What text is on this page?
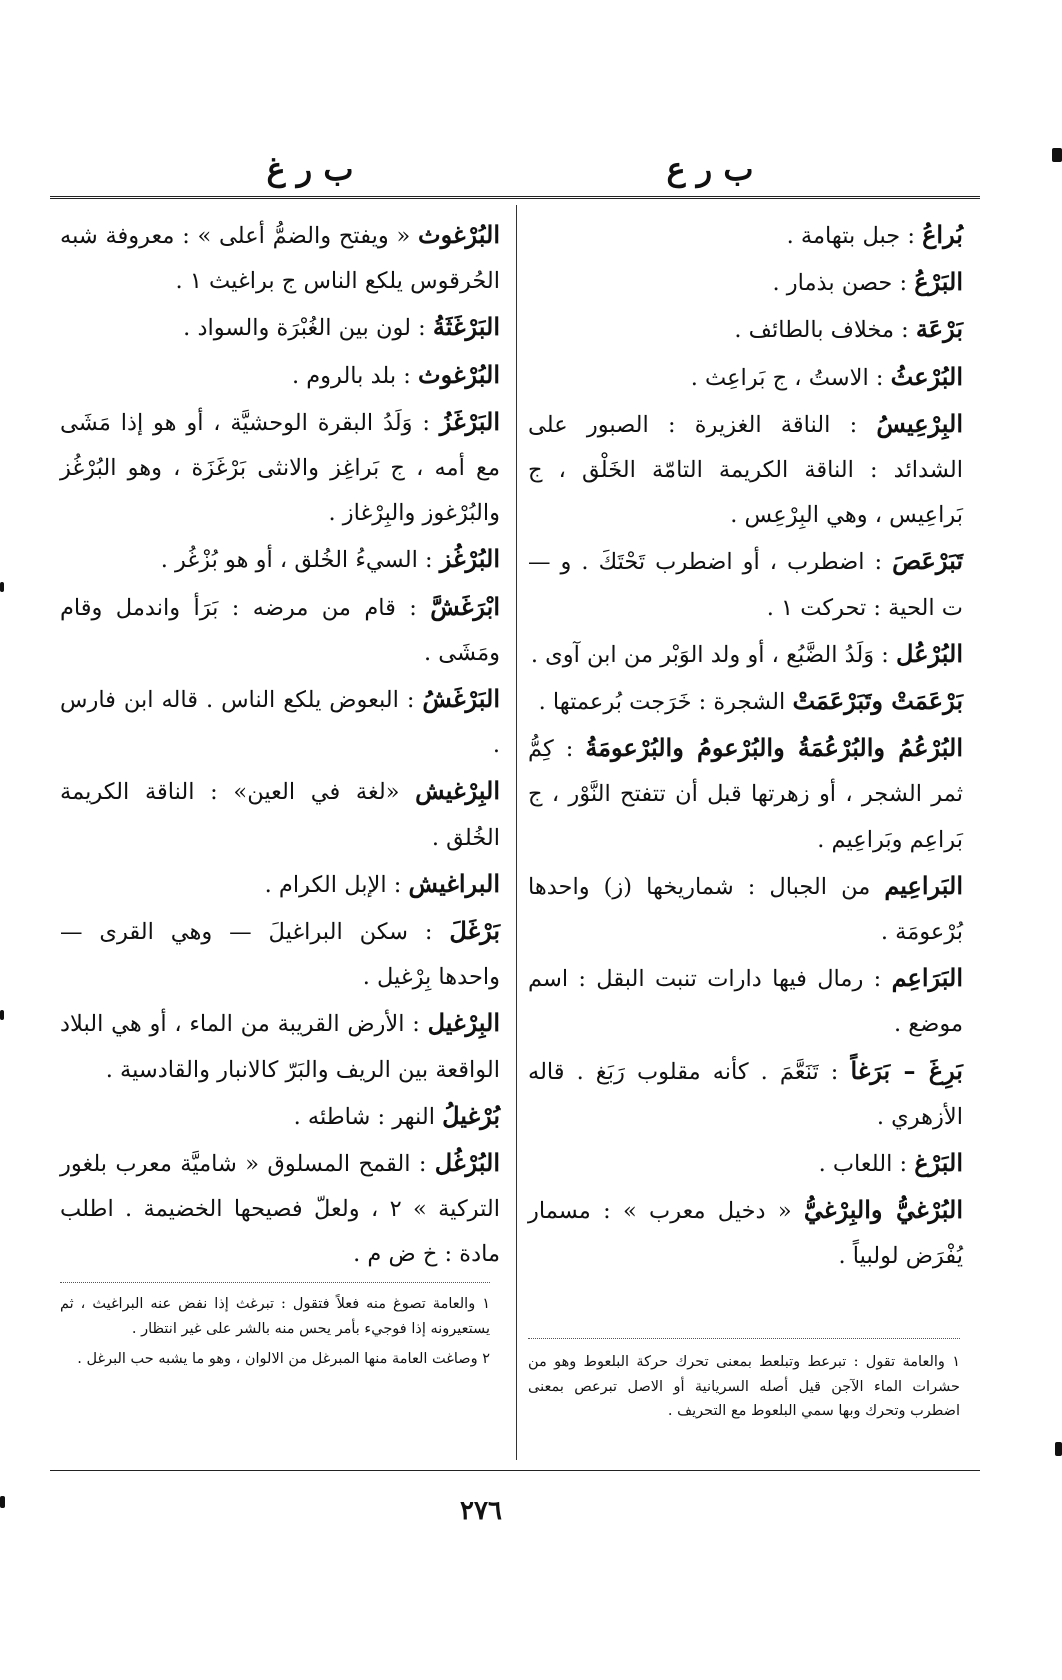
ب ر ع
ب ر غ

بُراعُ : جبل بتهامة .

البَرْعُ : حصن بذمار .

بَرْعَة : مخلاف بالطائف .

البُرْعثُ : الاستُ ، ج بَراعِث .

البِرْعِيسُ : الناقة الغزيرة : الصبور على الشدائد : الناقة الكريمة التامّة الخَلْق ، ج بَراعِيس ، وهي البِرْعِس .

تَبَرْعَصَ : اضطرب ، أو اضطرب تَحْتَكَ . و — ت الحية : تحركت ١ .

البُرْعُل : وَلَدُ الضَّبُع ، أو ولد الوَبْر من ابن آوى .

بَرْعَمَتْ وتَبَرْعَمَتْ الشجرة : خَرَجت بُرعمتها .

البُرْعُمُ والبُرْعُمَةُ والبُرْعومُ والبُرْعومَةُ : كِمُّ ثمر الشجر ، أو زهرتها قبل أن تتفتح النَّوْر ، ج بَراعِم وبَراعِيم .

البَراعِيم من الجبال : شماريخها (ز) واحدها بُرْعومَة .

البَرَاعِم : رمال فيها دارات تنبت البقل : اسم موضع .

بَرِغَ – بَرَغاً : تَنَعَّمَ . كأنه مقلوب رَبَغ . قاله الأزهري .

البَرْغ : اللعاب .

البُرْغيُّ والبِرْغيُّ « دخيل معرب » : مسمار يُفْرَض لولبياً .

البُرْغوث « ويفتح والضمُّ أعلى » : معروفة شبه الحُرقوس يلكع الناس ج براغيث ١ .

البَرْغَثَةُ : لون بين الغُبْرَة والسواد .

البُرْغوث : بلد بالروم .

البَرْغَزُ : وَلَدُ البقرة الوحشيَّة ، أو هو إذا مَشَى مع أمه ، ج بَراغِز والانثى بَرْغَزَة ، وهو البُرْغُز والبُرْغوز والبِرْغاز .

البُرْغُز : السيءُ الخُلق ، أو هو بُزْغُر .

ابْرَغَشَّ : قام من مرضه : بَرَأ واندمل وقام ومَشَى .

البَرْغَشُ : البعوض يلكع الناس . قاله ابن فارس .

البِرْغيش «لغة في العين» : الناقة الكريمة الخُلق .

البراغيش : الإبل الكرام .

بَرْغَلَ : سكن البراغيلَ — وهي القرى — واحدها بِرْغيل .

البِرْغيل : الأرض القريبة من الماء ، أو هي البلاد الواقعة بين الريف والبَرّ كالانبار والقادسية .

بُرْغيلُ النهر : شاطئه .

البُرْغُل : القمح المسلوق « شاميَّة معرب بلغور التركية » ٢ ، ولعلّ فصيحها الخضيمة . اطلب مادة : خ ض م .

١ والعامة تقول : تبرعط وتبلعط بمعنى تحرك حركة البلعوط وهو من حشرات الماء الآجن قيل أصله السريانية أو الاصل تبرعص بمعنى اضطرب وتحرك وبها سمي البلعوط مع التحريف .

١ والعامة تصوغ منه فعلاً فتقول : تبرغث إذا نفض عنه البراغيث ، ثم يستعيرونه إذا فوجيء بأمر يحس منه بالشر على غير انتظار .

٢ وصاغت العامة منها المبرغل من الالوان ، وهو ما يشبه حب البرغل .

٢٧٦
